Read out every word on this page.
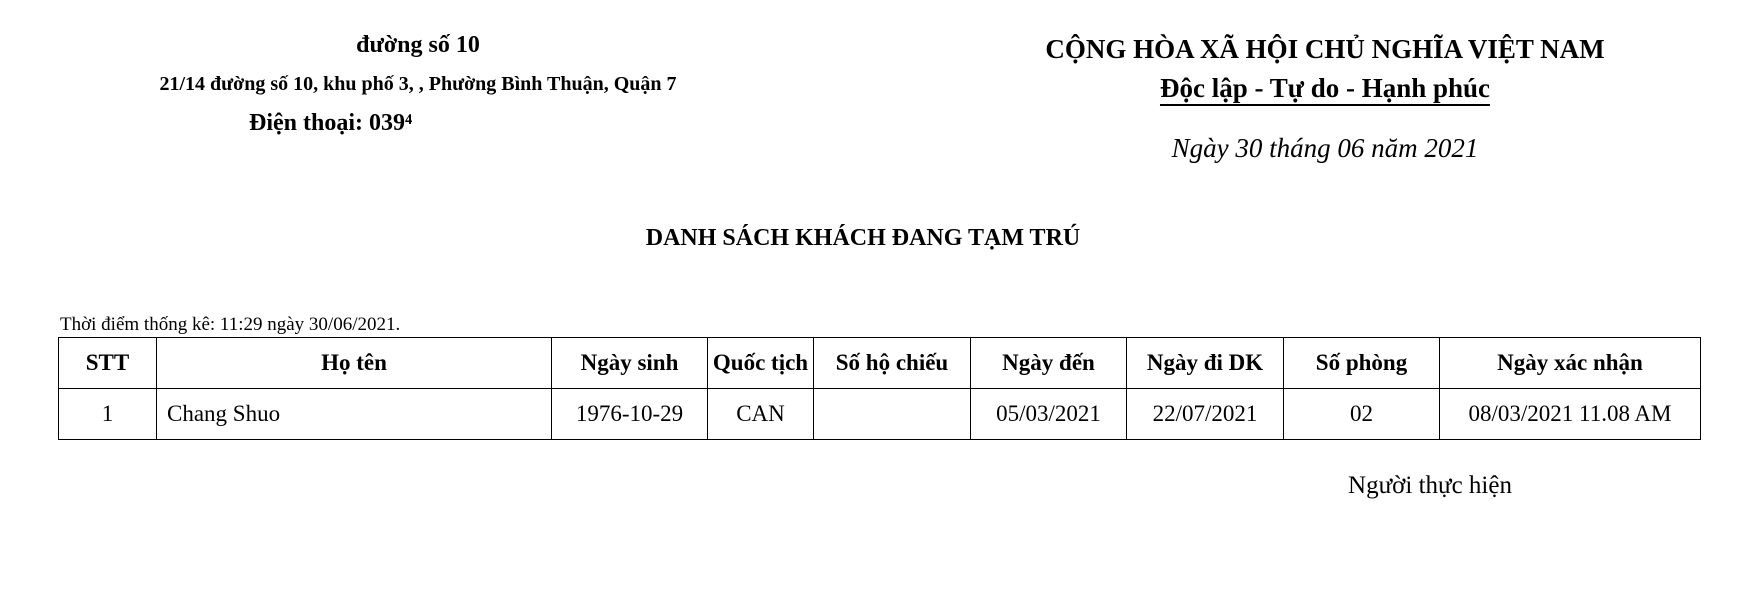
đường số 10
21/14 đường số 10, khu phố 3, , Phường Bình Thuận, Quận 7
Điện thoại: 039⁴
CỘNG HÒA XÃ HỘI CHỦ NGHĨA VIỆT NAM
Độc lập - Tự do - Hạnh phúc
Ngày 30 tháng 06 năm 2021
DANH SÁCH KHÁCH ĐANG TẠM TRÚ
Thời điểm thống kê: 11:29 ngày 30/06/2021.
STT	Họ tên	Ngày sinh	Quốc tịch	Số hộ chiếu	Ngày đến	Ngày đi DK	Số phòng	Ngày xác nhận
1	Chang Shuo	1976-10-29	CAN		05/03/2021	22/07/2021	02	08/03/2021 11.08 AM
Người thực hiện
